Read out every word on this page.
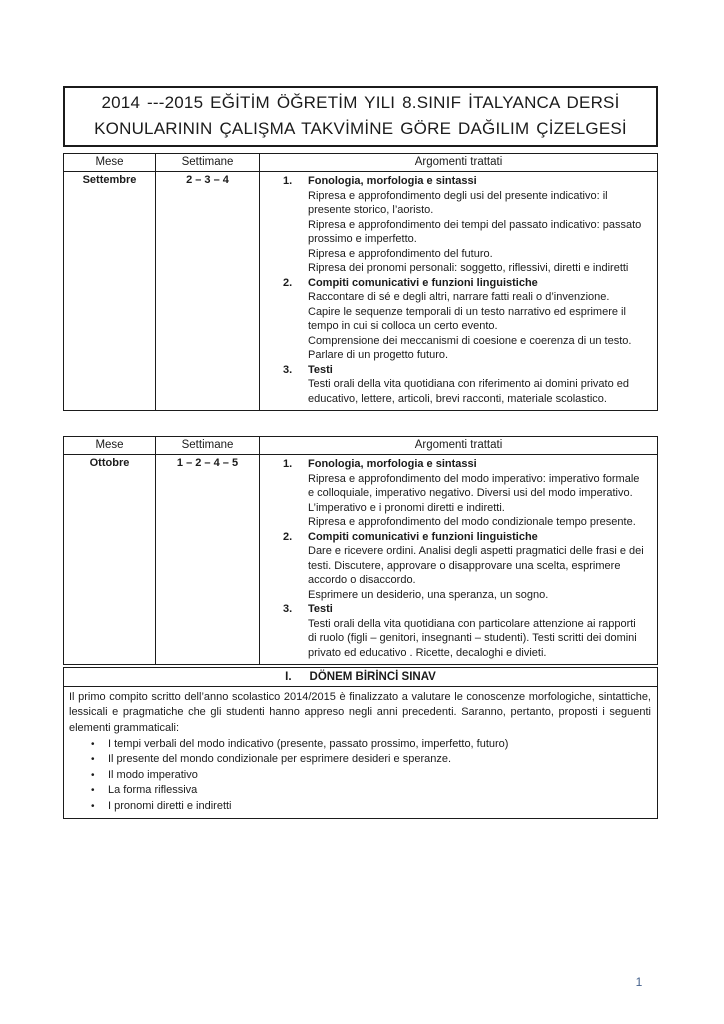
2014 ---2015 EĞİTİM ÖĞRETİM YILI 8.SINIF İTALYANCA DERSİ
KONULARININ ÇALIŞMA TAKVİMİNE GÖRE DAĞILIM ÇİZELGESİ
Mese	Settimane	Argomenti trattati
Settembre	2 – 3 – 4	1. Fonologia, morfologia e sintassi
Ripresa e approfondimento degli usi del presente indicativo: il presente storico, l’aoristo.
Ripresa e approfondimento dei tempi del passato indicativo: passato prossimo e imperfetto.
Ripresa e approfondimento del futuro.
Ripresa dei pronomi personali: soggetto, riflessivi, diretti e indiretti
2. Compiti comunicativi e funzioni linguistiche
Raccontare di sé e degli altri, narrare fatti reali o d’invenzione.
Capire le sequenze temporali di un testo narrativo ed esprimere il tempo in cui si colloca un certo evento.
Comprensione dei meccanismi di coesione e coerenza di un testo.
Parlare di un progetto futuro.
3. Testi
Testi orali della vita quotidiana con riferimento ai domini privato ed educativo, lettere, articoli, brevi racconti, materiale scolastico.
Mese	Settimane	Argomenti trattati
Ottobre	1 – 2 – 4 – 5	1. Fonologia, morfologia e sintassi
Ripresa e approfondimento del modo imperativo: imperativo formale e colloquiale, imperativo negativo. Diversi usi del modo imperativo. L’imperativo e i pronomi diretti e indiretti.
Ripresa e approfondimento del modo condizionale tempo presente.
2. Compiti comunicativi e funzioni linguistiche
Dare e ricevere ordini. Analisi degli aspetti pragmatici delle frasi e dei testi. Discutere, approvare o disapprovare una scelta, esprimere accordo o disaccordo.
Esprimere un desiderio, una speranza, un sogno.
3. Testi
Testi orali della vita quotidiana con particolare attenzione ai rapporti di ruolo (figli – genitori, insegnanti – studenti). Testi scritti dei domini privato ed educativo . Ricette, decaloghi e divieti.
I. DÖNEM BİRİNCİ SINAV
Il primo compito scritto dell’anno scolastico 2014/2015 è finalizzato a valutare le conoscenze morfologiche, sintattiche, lessicali e pragmatiche che gli studenti hanno appreso negli anni precedenti. Saranno, pertanto, proposti i seguenti elementi grammaticali:
• I tempi verbali del modo indicativo (presente, passato prossimo, imperfetto, futuro)
• Il presente del mondo condizionale per esprimere desideri e speranze.
• Il modo imperativo
• La forma riflessiva
• I pronomi diretti e indiretti
1
